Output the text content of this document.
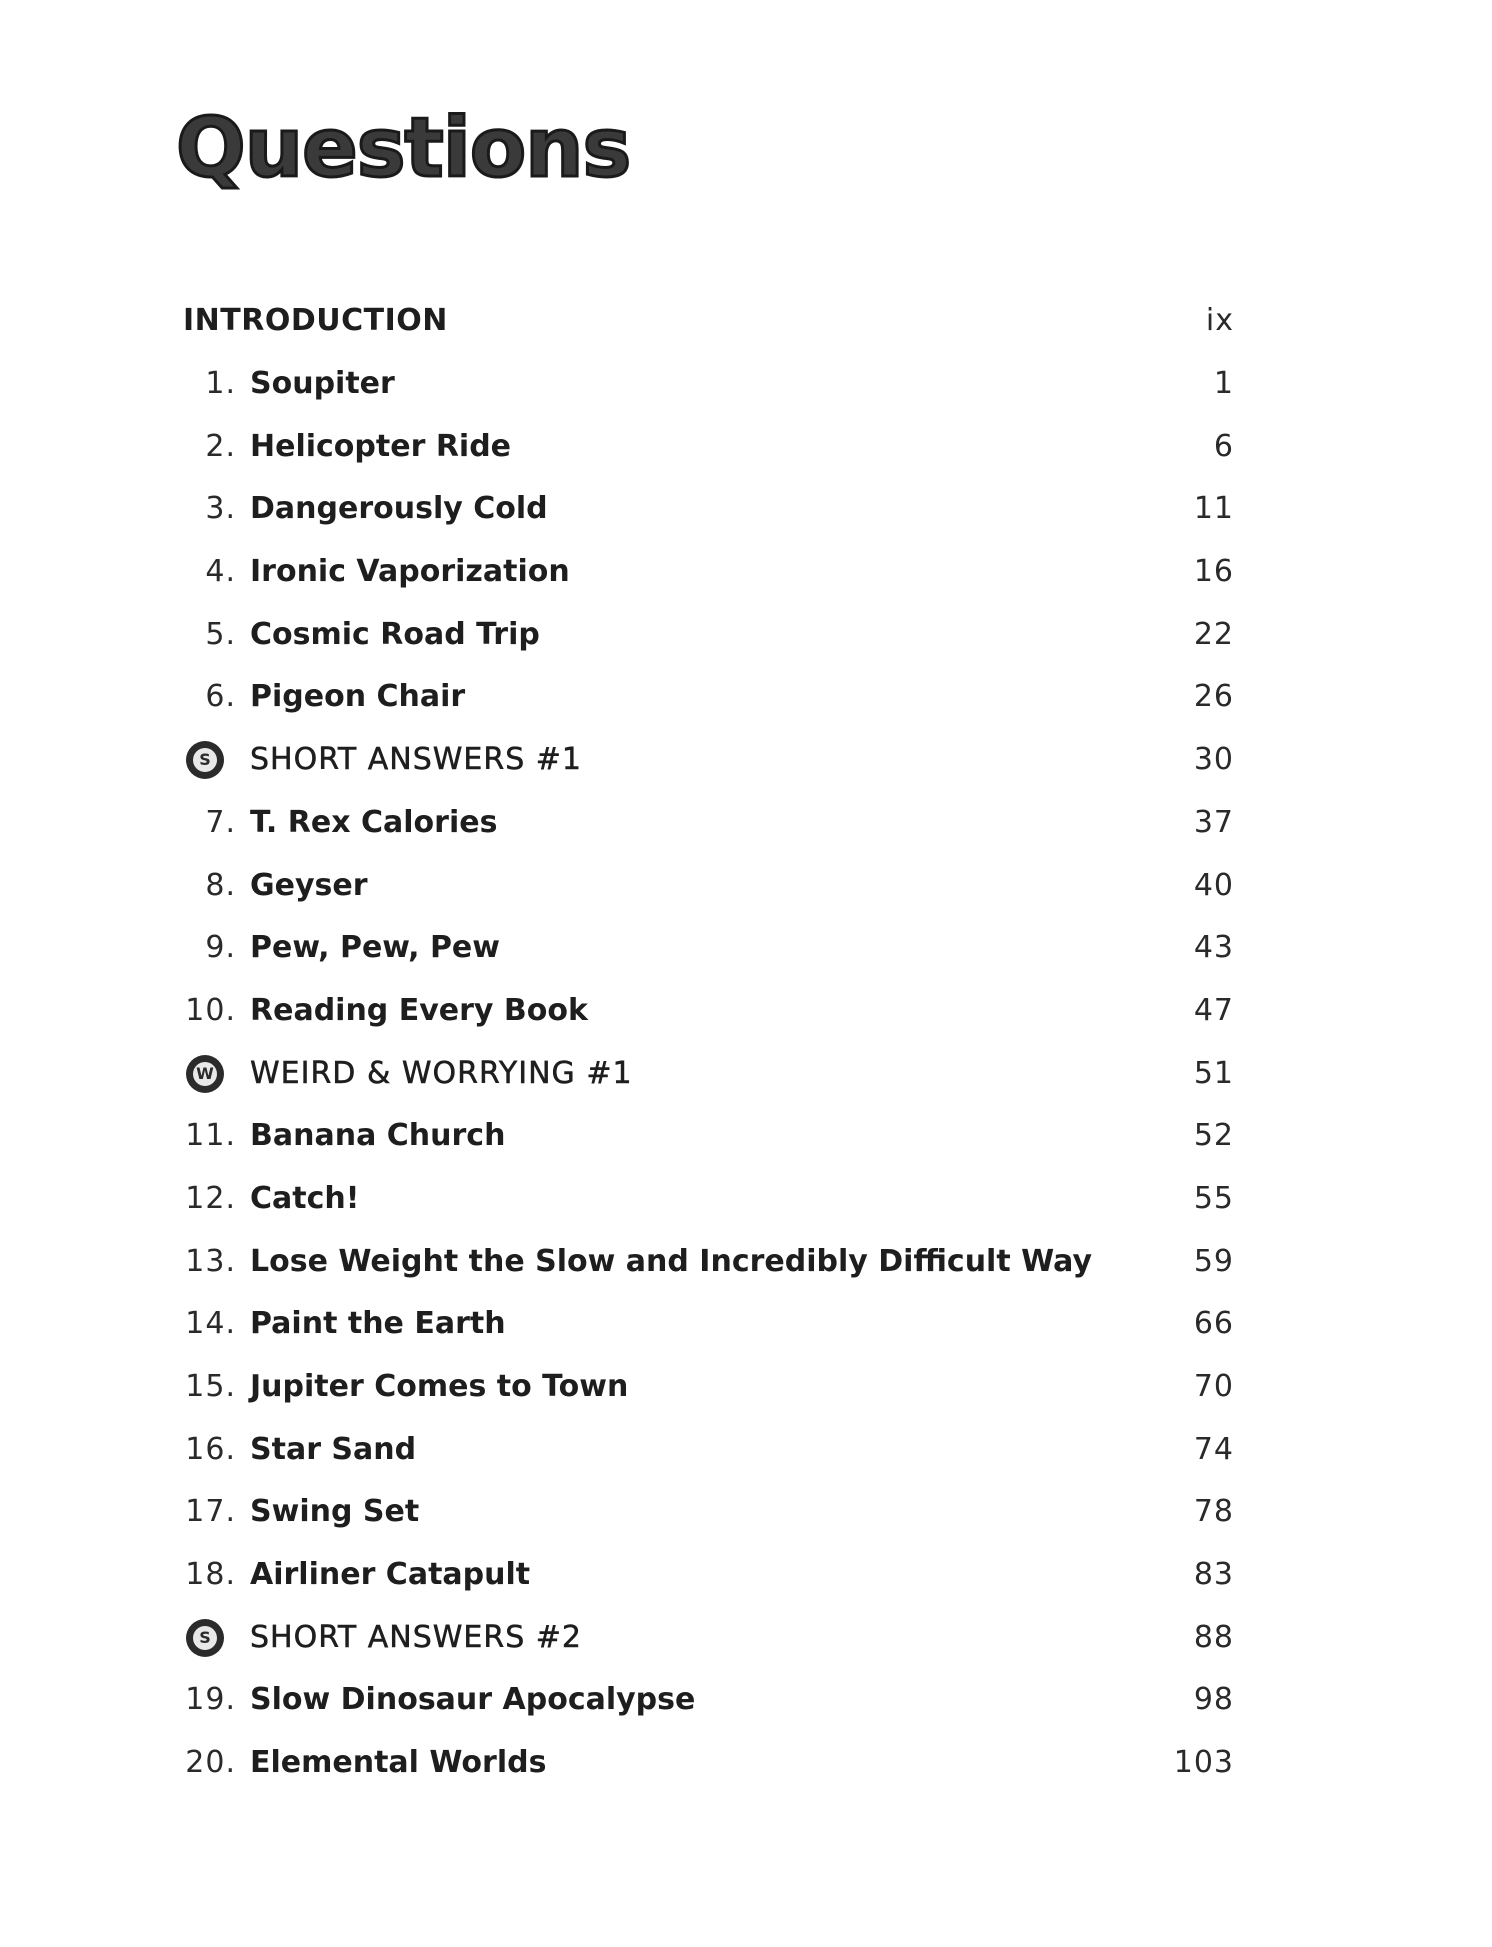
Questions
INTRODUCTION	ix
1. Soupiter	1
2. Helicopter Ride	6
3. Dangerously Cold	11
4. Ironic Vaporization	16
5. Cosmic Road Trip	22
6. Pigeon Chair	26
S SHORT ANSWERS #1	30
7. T. Rex Calories	37
8. Geyser	40
9. Pew, Pew, Pew	43
10. Reading Every Book	47
W WEIRD & WORRYING #1	51
11. Banana Church	52
12. Catch!	55
13. Lose Weight the Slow and Incredibly Difficult Way	59
14. Paint the Earth	66
15. Jupiter Comes to Town	70
16. Star Sand	74
17. Swing Set	78
18. Airliner Catapult	83
S SHORT ANSWERS #2	88
19. Slow Dinosaur Apocalypse	98
20. Elemental Worlds	103
